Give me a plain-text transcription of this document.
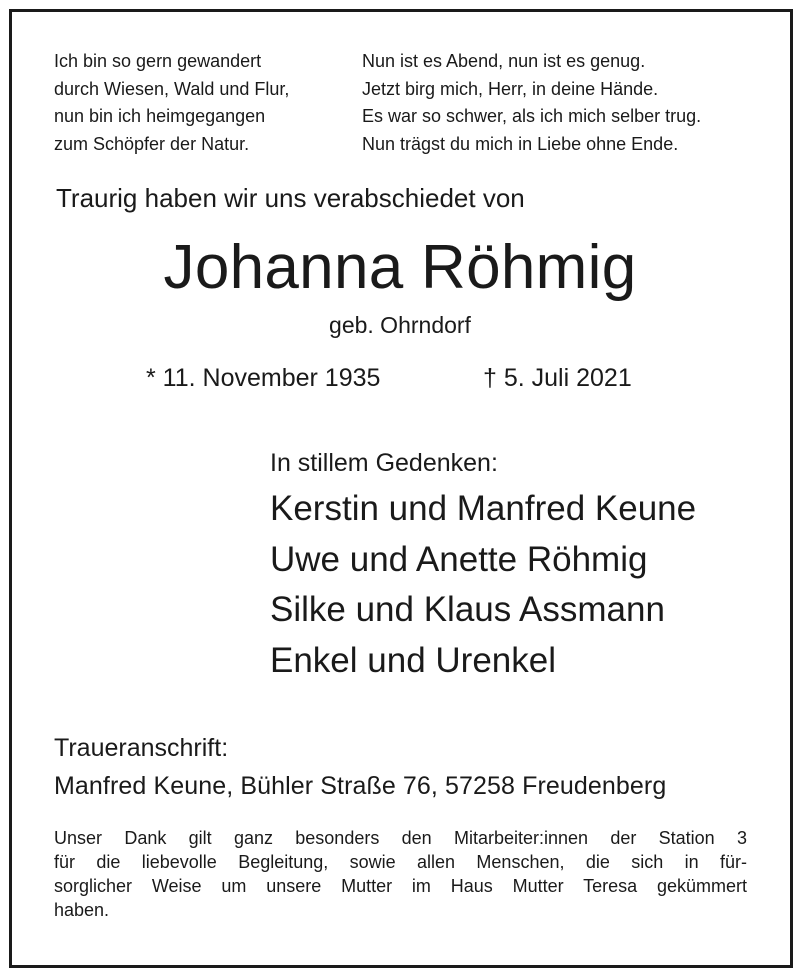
Ich bin so gern gewandert
durch Wiesen, Wald und Flur,
nun bin ich heimgegangen
zum Schöpfer der Natur.
Nun ist es Abend, nun ist es genug.
Jetzt birg mich, Herr, in deine Hände.
Es war so schwer, als ich mich selber trug.
Nun trägst du mich in Liebe ohne Ende.
Traurig haben wir uns verabschiedet von
Johanna Röhmig
geb. Ohrndorf
* 11. November 1935	† 5. Juli 2021
In stillem Gedenken:
Kerstin und Manfred Keune
Uwe und Anette Röhmig
Silke und Klaus Assmann
Enkel und Urenkel
Traueranschrift:
Manfred Keune, Bühler Straße 76, 57258 Freudenberg
Unser Dank gilt ganz besonders den Mitarbeiter:innen der Station 3
für die liebevolle Begleitung, sowie allen Menschen, die sich in für-
sorglicher Weise um unsere Mutter im Haus Mutter Teresa gekümmert
haben.
